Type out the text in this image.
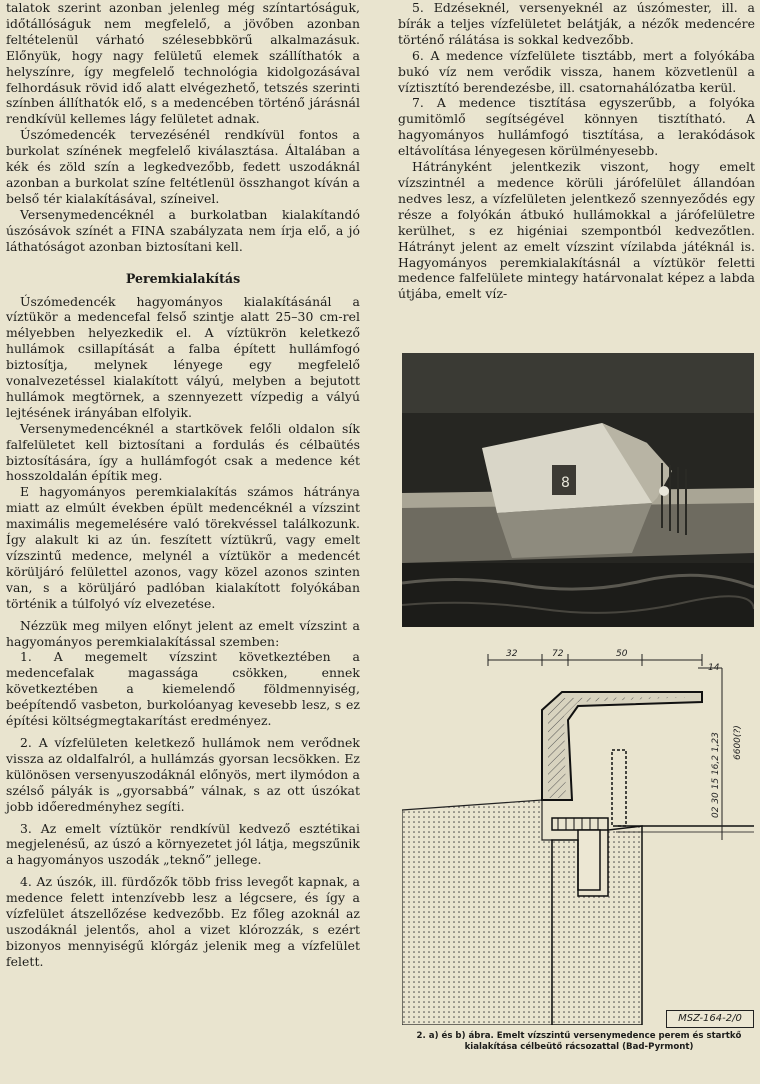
talatok szerint azonban jelenleg még színtartóságuk, időtállóságuk nem megfelelő, a jövőben azonban feltételenül várható szélesebbkörű alkalmazásuk. Előnyük, hogy nagy felületű elemek szállíthatók a helyszínre, így megfelelő technológia kidolgozásával felhordásuk rövid idő alatt elvégezhető, tetszés szerinti színben állíthatók elő, s a medencében történő járásnál rendkívül kellemes lágy felületet adnak.

Úszómedencék tervezésénél rendkívül fontos a burkolat színének megfelelő kiválasztása. Általában a kék és zöld szín a legkedvezőbb, fedett uszodáknál azonban a burkolat színe feltétlenül összhangot kíván a belső tér kialakításával, színeivel.

Versenymedencéknél a burkolatban kialakítandó úszósávok színét a FINA szabályzata nem írja elő, a jó láthatóságot azonban biztosítani kell.

Peremkialakítás

Úszómedencék hagyományos kialakításánál a víztükör a medencefal felső szintje alatt 25–30 cm-rel mélyebben helyezkedik el. A víztükrön keletkező hullámok csillapítását a falba épített hullámfogó biztosítja, melynek lényege egy megfelelő vonalvezetéssel kialakított vályú, melyben a bejutott hullámok megtörnek, a szennyezett vízpedig a vályú lejtésének irányában elfolyik.

Versenymedencéknél a startkövek felőli oldalon sík falfelületet kell biztosítani a fordulás és célbaütés biztosítására, így a hullámfogót csak a medence két hosszoldalán építik meg.

E hagyományos peremkialakítás számos hátránya miatt az elmúlt években épült medencéknél a vízszint maximális megemelésére való törekvéssel találkozunk. Így alakult ki az ún. feszített víztükrű, vagy emelt vízszintű medence, melynél a víztükör a medencét körüljáró felülettel azonos, vagy közel azonos szinten van, s a körüljáró padlóban kialakított folyókában történik a túlfolyó víz elvezetése.

Nézzük meg milyen előnyt jelent az emelt vízszint a hagyományos peremkialakítással szemben:

1. A megemelt vízszint következtében a medencefalak magassága csökken, ennek következtében a kiemelendő földmennyiség, beépítendő vasbeton, burkolóanyag kevesebb lesz, s ez építési költségmegtakarítást eredményez.

2. A vízfelületen keletkező hullámok nem verődnek vissza az oldalfalról, a hullámzás gyorsan lecsökken. Ez különösen versenyuszodáknál előnyös, mert ilymódon a szélső pályák is „gyorsabbá” válnak, s az ott úszókat jobb időeredményhez segíti.

3. Az emelt víztükör rendkívül kedvező esztétikai megjelenésű, az úszó a környezetet jól látja, megszűnik a hagyományos uszodák „teknő” jellege.

4. Az úszók, ill. fürdőzők több friss levegőt kapnak, a medence felett intenzívebb lesz a légcsere, és így a vízfelület átszellőzése kedvezőbb. Ez főleg azoknál az uszodáknál jelentős, ahol a vizet klórozzák, s ezért bizonyos mennyiségű klórgáz jelenik meg a vízfelület felett.

5. Edzéseknél, versenyeknél az úszómester, ill. a bírák a teljes vízfelületet belátják, a nézők medencére történő rálátása is sokkal kedvezőbb.

6. A medence vízfelülete tisztább, mert a folyókába bukó víz nem verődik vissza, hanem közvetlenül a víztisztító berendezésbe, ill. csatornahálózatba kerül.

7. A medence tisztítása egyszerűbb, a folyóka gumitömlő segítségével könnyen tisztítható. A hagyományos hullámfogó tisztítása, a lerakódások eltávolítása lényegesen körülményesebb.

Hátrányként jelentkezik viszont, hogy emelt vízszintnél a medence körüli járófelület állandóan nedves lesz, a vízfelületen jelentkező szennyeződés egy része a folyókán átbukó hullámokkal a járófelületre kerülhet, s ez higéniai szempontból kedvezőtlen. Hátrányt jelent az emelt vízszint vízilabda játéknál is. Hagyományos peremkialakításnál a víztükör feletti medence falfelülete mintegy határvonalat képez a labda útjába, emelt víz-

8
32	72	50
14
02 30 15 16,2 1,23 6600(?)
MSZ-164-2/0
2. a) és b) ábra. Emelt vízszintű versenymedence perem és startkő kialakítása célbeütő rácsozattal (Bad-Pyrmont)
